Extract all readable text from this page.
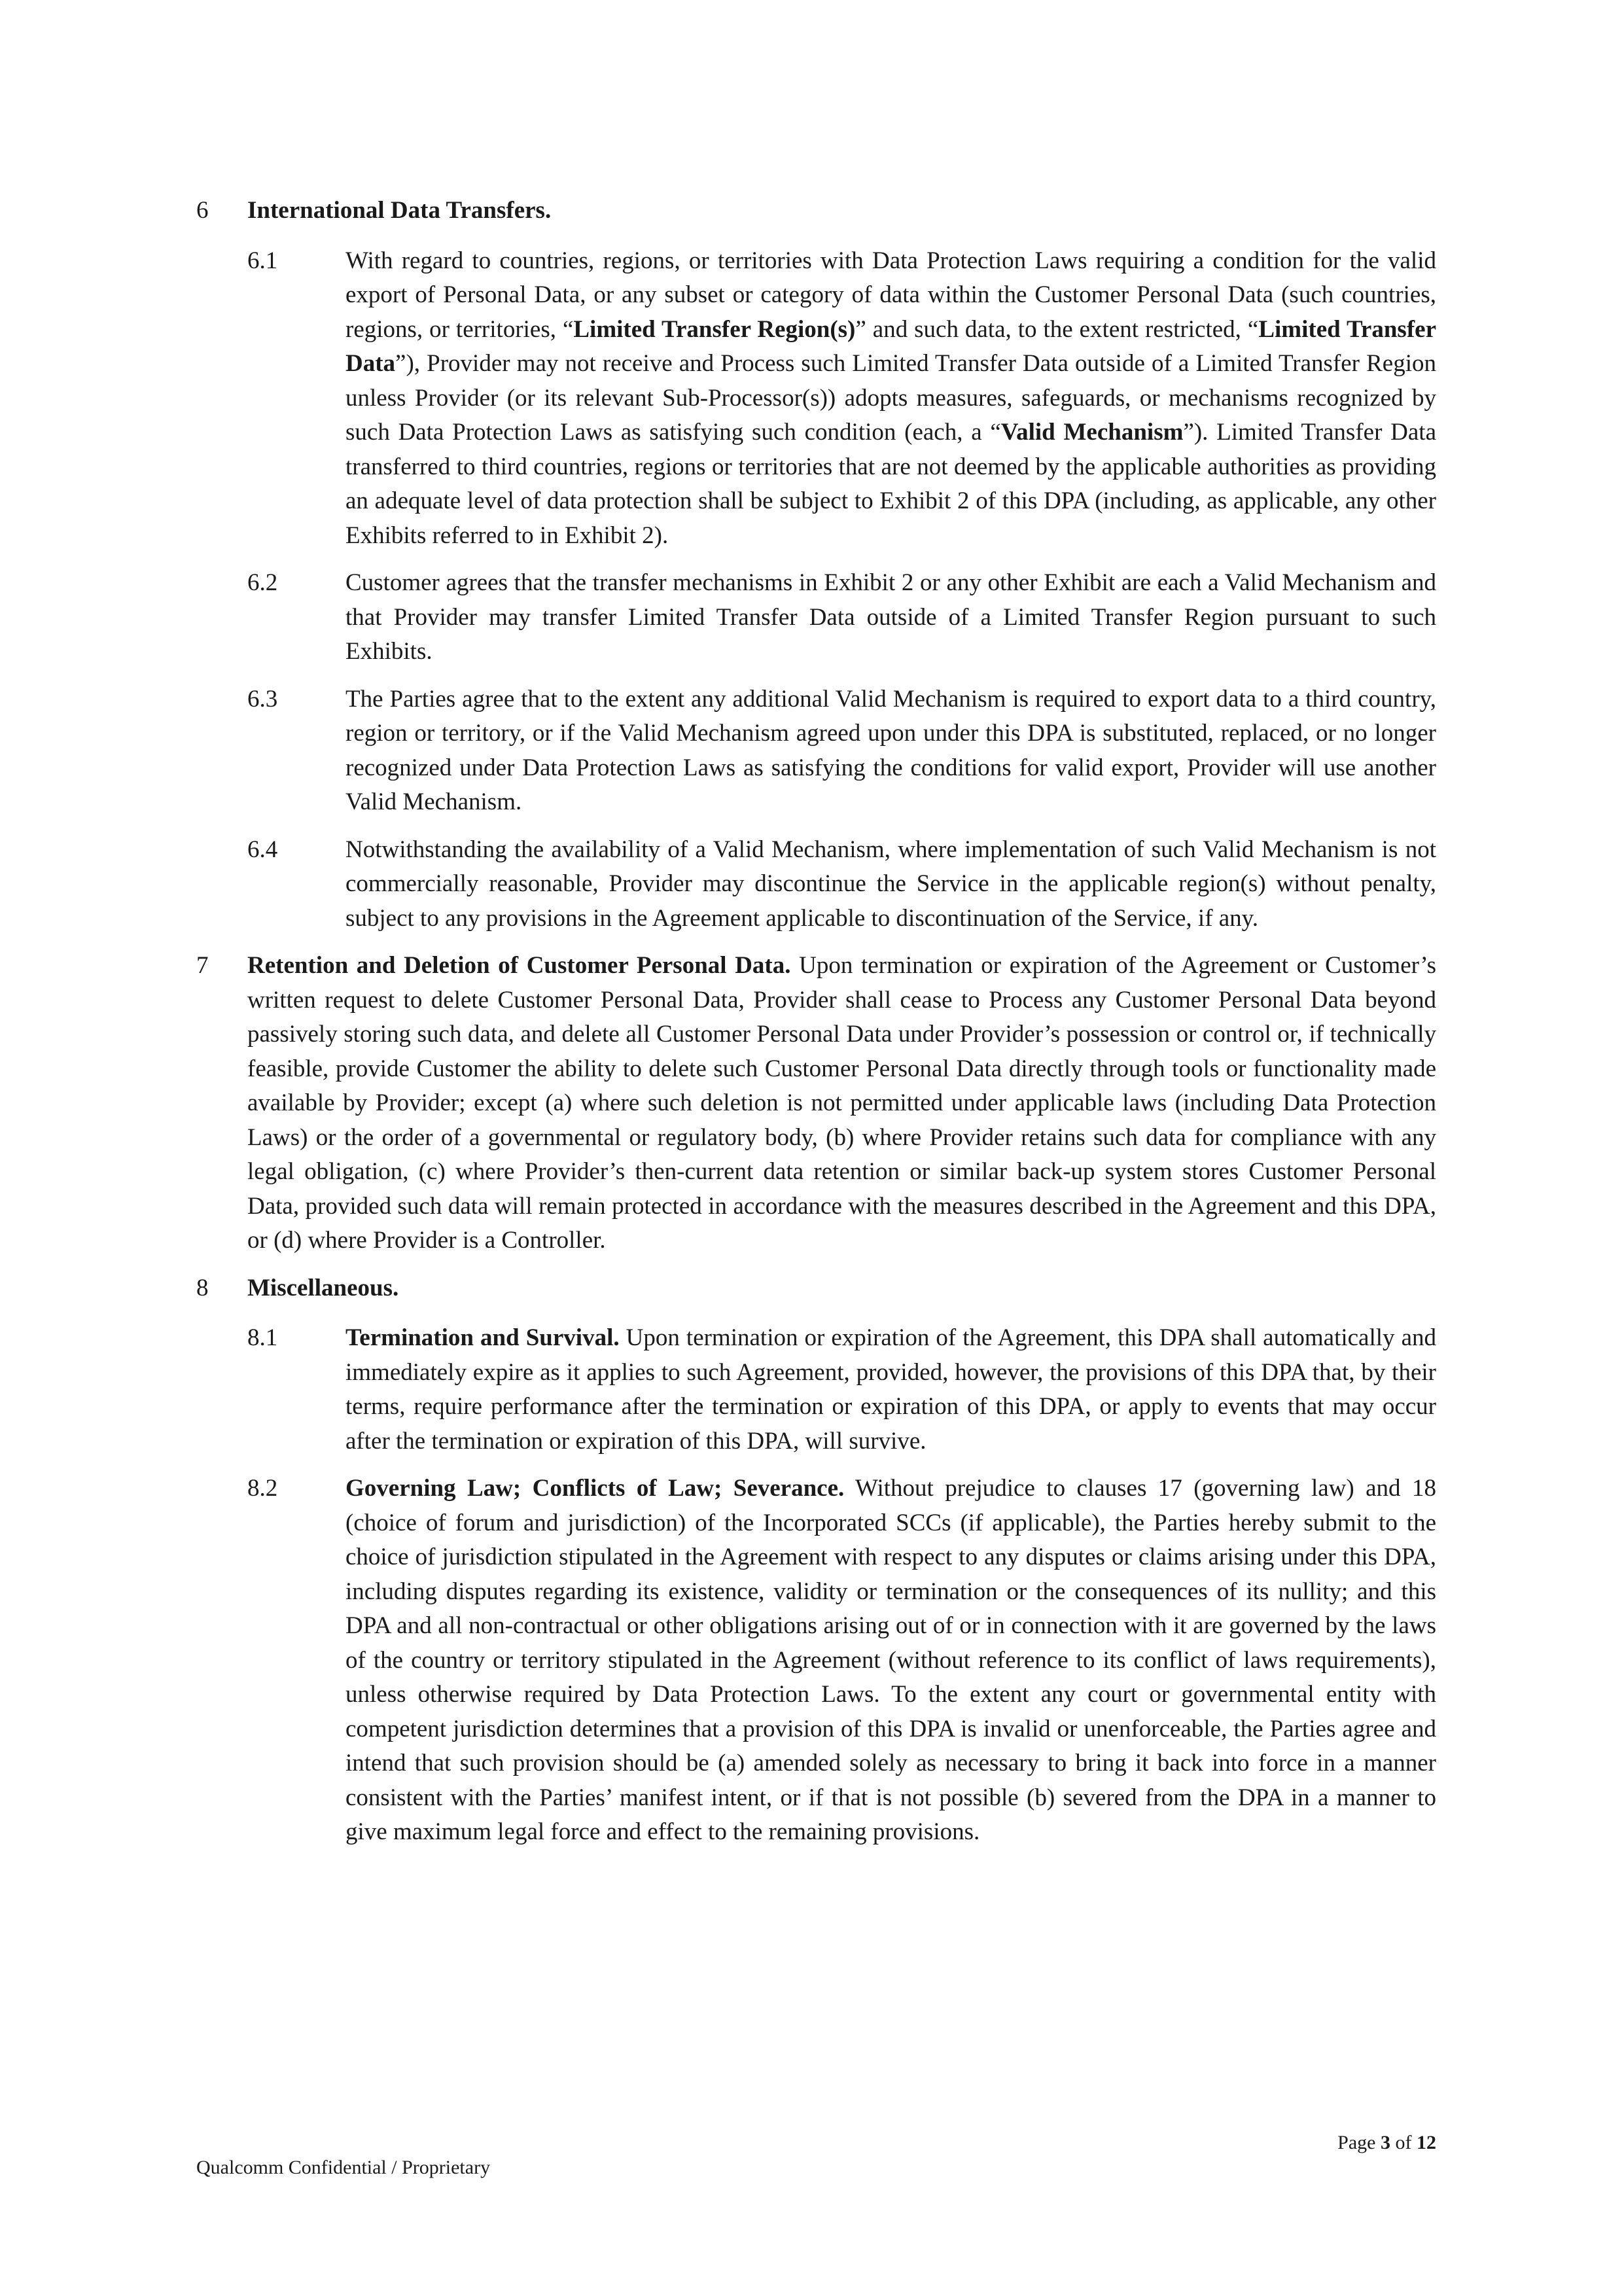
6 International Data Transfers.
6.1	With regard to countries, regions, or territories with Data Protection Laws requiring a condition for the valid export of Personal Data, or any subset or category of data within the Customer Personal Data (such countries, regions, or territories, “Limited Transfer Region(s)” and such data, to the extent restricted, “Limited Transfer Data”), Provider may not receive and Process such Limited Transfer Data outside of a Limited Transfer Region unless Provider (or its relevant Sub-Processor(s)) adopts measures, safeguards, or mechanisms recognized by such Data Protection Laws as satisfying such condition (each, a “Valid Mechanism”). Limited Transfer Data transferred to third countries, regions or territories that are not deemed by the applicable authorities as providing an adequate level of data protection shall be subject to Exhibit 2 of this DPA (including, as applicable, any other Exhibits referred to in Exhibit 2).
6.2	Customer agrees that the transfer mechanisms in Exhibit 2 or any other Exhibit are each a Valid Mechanism and that Provider may transfer Limited Transfer Data outside of a Limited Transfer Region pursuant to such Exhibits.
6.3	The Parties agree that to the extent any additional Valid Mechanism is required to export data to a third country, region or territory, or if the Valid Mechanism agreed upon under this DPA is substituted, replaced, or no longer recognized under Data Protection Laws as satisfying the conditions for valid export, Provider will use another Valid Mechanism.
6.4	Notwithstanding the availability of a Valid Mechanism, where implementation of such Valid Mechanism is not commercially reasonable, Provider may discontinue the Service in the applicable region(s) without penalty, subject to any provisions in the Agreement applicable to discontinuation of the Service, if any.
7 Retention and Deletion of Customer Personal Data. Upon termination or expiration of the Agreement or Customer’s written request to delete Customer Personal Data, Provider shall cease to Process any Customer Personal Data beyond passively storing such data, and delete all Customer Personal Data under Provider’s possession or control or, if technically feasible, provide Customer the ability to delete such Customer Personal Data directly through tools or functionality made available by Provider; except (a) where such deletion is not permitted under applicable laws (including Data Protection Laws) or the order of a governmental or regulatory body, (b) where Provider retains such data for compliance with any legal obligation, (c) where Provider’s then-current data retention or similar back-up system stores Customer Personal Data, provided such data will remain protected in accordance with the measures described in the Agreement and this DPA, or (d) where Provider is a Controller.
8 Miscellaneous.
8.1	Termination and Survival. Upon termination or expiration of the Agreement, this DPA shall automatically and immediately expire as it applies to such Agreement, provided, however, the provisions of this DPA that, by their terms, require performance after the termination or expiration of this DPA, or apply to events that may occur after the termination or expiration of this DPA, will survive.
8.2	Governing Law; Conflicts of Law; Severance. Without prejudice to clauses 17 (governing law) and 18 (choice of forum and jurisdiction) of the Incorporated SCCs (if applicable), the Parties hereby submit to the choice of jurisdiction stipulated in the Agreement with respect to any disputes or claims arising under this DPA, including disputes regarding its existence, validity or termination or the consequences of its nullity; and this DPA and all non-contractual or other obligations arising out of or in connection with it are governed by the laws of the country or territory stipulated in the Agreement (without reference to its conflict of laws requirements), unless otherwise required by Data Protection Laws. To the extent any court or governmental entity with competent jurisdiction determines that a provision of this DPA is invalid or unenforceable, the Parties agree and intend that such provision should be (a) amended solely as necessary to bring it back into force in a manner consistent with the Parties’ manifest intent, or if that is not possible (b) severed from the DPA in a manner to give maximum legal force and effect to the remaining provisions.
Page 3 of 12
Qualcomm Confidential / Proprietary
